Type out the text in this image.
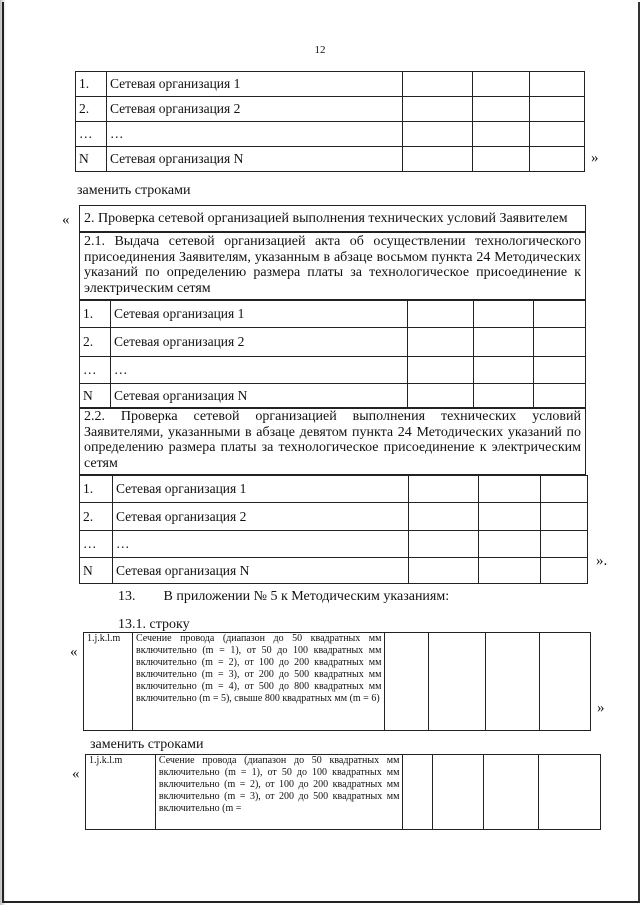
12
1.	Сетевая организация 1			
2.	Сетевая организация 2			
…	…			
N	Сетевая организация N				»
заменить строками
«	2. Проверка сетевой организацией выполнения технических условий Заявителем
2.1. Выдача сетевой организацией акта об осуществлении технологического присоединения Заявителям, указанным в абзаце восьмом пункта 24 Методических указаний по определению размера платы за технологическое присоединение к электрическим сетям
1.	Сетевая организация 1			
2.	Сетевая организация 2			
…	…			
N	Сетевая организация N			
2.2. Проверка сетевой организацией выполнения технических условий Заявителями, указанными в абзаце девятом пункта 24 Методических указаний по определению размера платы за технологическое присоединение к электрическим сетям
1.	Сетевая организация 1			
2.	Сетевая организация 2			
…	…			
N	Сетевая организация N			
».
13.        В приложении № 5 к Методическим указаниям:
13.1. строку
«
1.j.k.l.m	Сечение провода (диапазон до 50 квадратных мм включительно (m = 1), от 50 до 100 квадратных мм включительно (m = 2), от 100 до 200 квадратных мм включительно (m = 3), от 200 до 500 квадратных мм включительно (m = 4), от 500 до 800 квадратных мм включительно (m = 5), свыше 800 квадратных мм (m = 6)				
»
заменить строками
«
1.j.k.l.m	Сечение провода (диапазон до 50 квадратных мм включительно (m = 1), от 50 до 100 квадратных мм включительно (m = 2), от 100 до 200 квадратных мм включительно (m = 3), от 200 до 500 квадратных мм включительно (m =				
